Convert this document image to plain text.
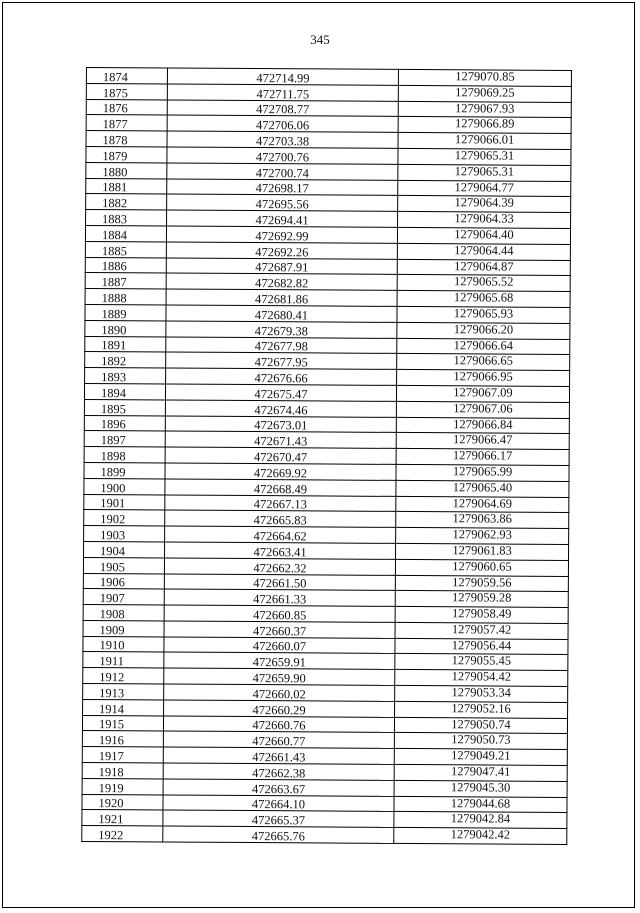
345
1874	472714.99	1279070.85
1875	472711.75	1279069.25
1876	472708.77	1279067.93
1877	472706.06	1279066.89
1878	472703.38	1279066.01
1879	472700.76	1279065.31
1880	472700.74	1279065.31
1881	472698.17	1279064.77
1882	472695.56	1279064.39
1883	472694.41	1279064.33
1884	472692.99	1279064.40
1885	472692.26	1279064.44
1886	472687.91	1279064.87
1887	472682.82	1279065.52
1888	472681.86	1279065.68
1889	472680.41	1279065.93
1890	472679.38	1279066.20
1891	472677.98	1279066.64
1892	472677.95	1279066.65
1893	472676.66	1279066.95
1894	472675.47	1279067.09
1895	472674.46	1279067.06
1896	472673.01	1279066.84
1897	472671.43	1279066.47
1898	472670.47	1279066.17
1899	472669.92	1279065.99
1900	472668.49	1279065.40
1901	472667.13	1279064.69
1902	472665.83	1279063.86
1903	472664.62	1279062.93
1904	472663.41	1279061.83
1905	472662.32	1279060.65
1906	472661.50	1279059.56
1907	472661.33	1279059.28
1908	472660.85	1279058.49
1909	472660.37	1279057.42
1910	472660.07	1279056.44
1911	472659.91	1279055.45
1912	472659.90	1279054.42
1913	472660.02	1279053.34
1914	472660.29	1279052.16
1915	472660.76	1279050.74
1916	472660.77	1279050.73
1917	472661.43	1279049.21
1918	472662.38	1279047.41
1919	472663.67	1279045.30
1920	472664.10	1279044.68
1921	472665.37	1279042.84
1922	472665.76	1279042.42
